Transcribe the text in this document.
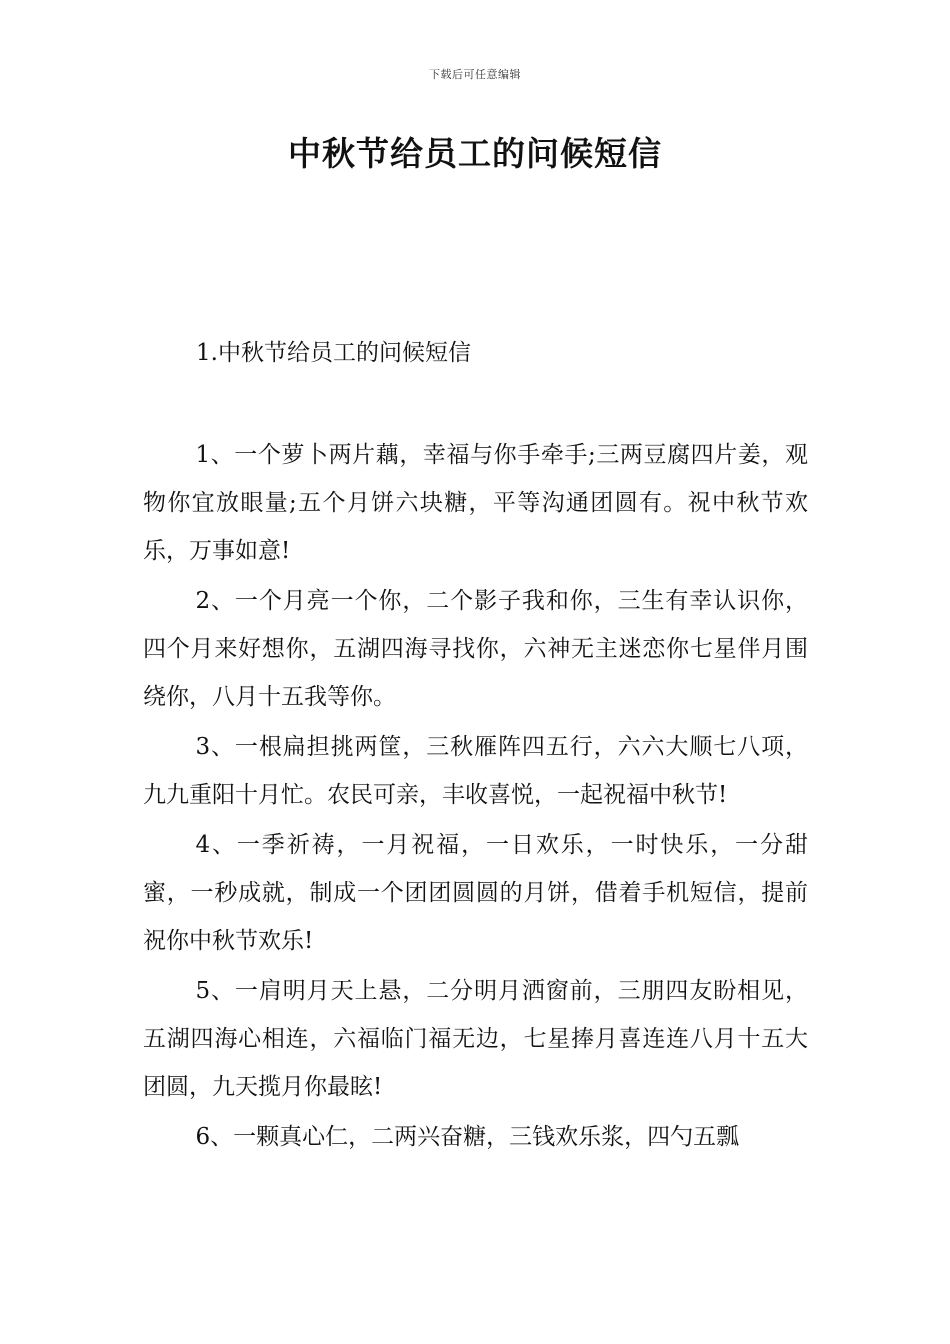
下载后可任意编辑
中秋节给员工的问候短信
1.中秋节给员工的问候短信

1、一个萝卜两片藕，幸福与你手牵手;三两豆腐四片姜，观物你宜放眼量;五个月饼六块糖，平等沟通团圆有。祝中秋节欢乐，万事如意!

2、一个月亮一个你，二个影子我和你，三生有幸认识你，四个月来好想你，五湖四海寻找你，六神无主迷恋你七星伴月围绕你，八月十五我等你。

3、一根扁担挑两筐，三秋雁阵四五行，六六大顺七八项，九九重阳十月忙。农民可亲，丰收喜悦，一起祝福中秋节!

4、一季祈祷，一月祝福，一日欢乐，一时快乐，一分甜蜜，一秒成就，制成一个团团圆圆的月饼，借着手机短信，提前祝你中秋节欢乐!

5、一肩明月天上悬，二分明月洒窗前，三朋四友盼相见，五湖四海心相连，六福临门福无边，七星捧月喜连连八月十五大团圆，九天揽月你最眩!

6、一颗真心仁，二两兴奋糖，三钱欢乐浆，四勺五瓢
